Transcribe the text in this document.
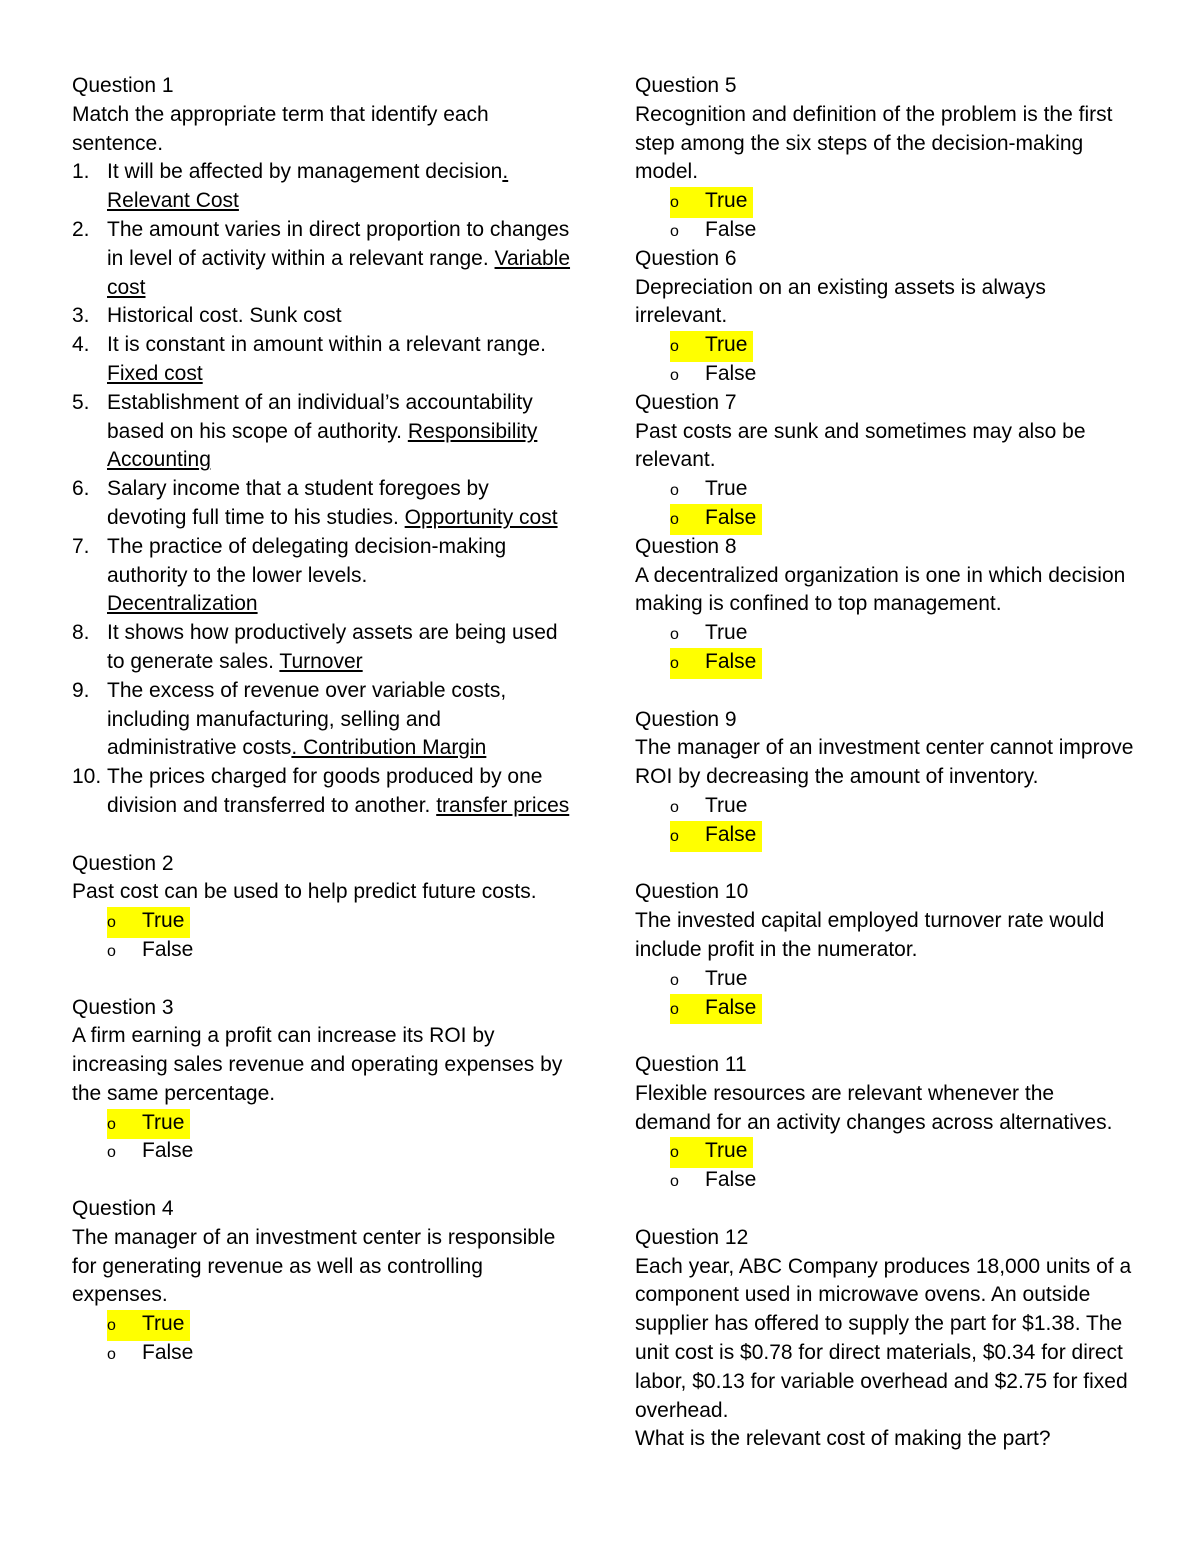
Question 1

Match the appropriate term that identify each sentence.

1. It will be affected by management decision. Relevant Cost
2. The amount varies in direct proportion to changes in level of activity within a relevant range. Variable cost
3. Historical cost. Sunk cost
4. It is constant in amount within a relevant range. Fixed cost
5. Establishment of an individual’s accountability based on his scope of authority. Responsibility Accounting
6. Salary income that a student foregoes by devoting full time to his studies. Opportunity cost
7. The practice of delegating decision-making authority to the lower levels.
Decentralization
8. It shows how productively assets are being used to generate sales. Turnover
9. The excess of revenue over variable costs, including manufacturing, selling and administrative costs. Contribution Margin
10. The prices charged for goods produced by one division and transferred to another. transfer prices
Question 2

Past cost can be used to help predict future costs.

o True
o False
Question 3

A firm earning a profit can increase its ROI by increasing sales revenue and operating expenses by the same percentage.

o True
o False
Question 4

The manager of an investment center is responsible for generating revenue as well as controlling expenses.

o True
o False
Question 5

Recognition and definition of the problem is the first step among the six steps of the decision-making model.

o True
o False
Question 6

Depreciation on an existing assets is always irrelevant.

o True
o False
Question 7

Past costs are sunk and sometimes may also be relevant.

o True
o False
Question 8

A decentralized organization is one in which decision making is confined to top management.

o True
o False
Question 9

The manager of an investment center cannot improve ROI by decreasing the amount of inventory.

o True
o False
Question 10

The invested capital employed turnover rate would include profit in the numerator.

o True
o False
Question 11

Flexible resources are relevant whenever the demand for an activity changes across alternatives.

o True
o False
Question 12

Each year, ABC Company produces 18,000 units of a component used in microwave ovens. An outside supplier has offered to supply the part for $1.38. The unit cost is $0.78 for direct materials, $0.34 for direct labor, $0.13 for variable overhead and $2.75 for fixed overhead.

What is the relevant cost of making the part?
